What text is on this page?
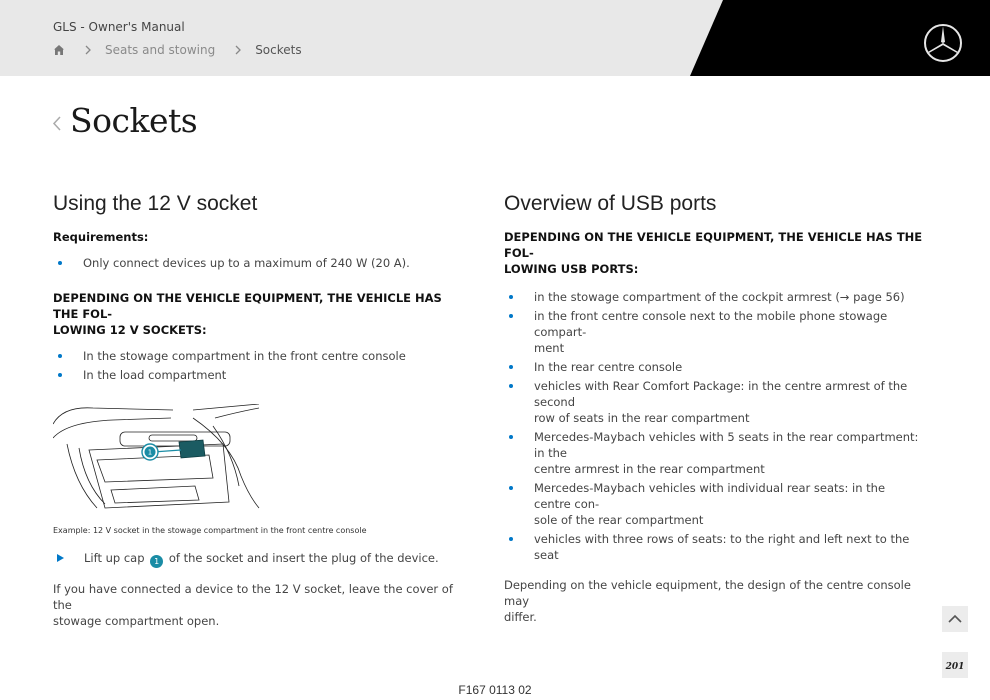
GLS - Owner's Manual
Seats and stowing	Sockets
Sockets
Using the 12 V socket
Requirements:
Only connect devices up to a maximum of 240 W (20 A).
DEPENDING ON THE VEHICLE EQUIPMENT, THE VEHICLE HAS THE FOL-
LOWING 12 V SOCKETS:
In the stowage compartment in the front centre console
In the load compartment
1
Example: 12 V socket in the stowage compartment in the front centre console
Lift up cap 1 of the socket and insert the plug of the device.
If you have connected a device to the 12 V socket, leave the cover of the
stowage compartment open.
Overview of USB ports
DEPENDING ON THE VEHICLE EQUIPMENT, THE VEHICLE HAS THE FOL-
LOWING USB PORTS:
in the stowage compartment of the cockpit armrest (→ page 56)
in the front centre console next to the mobile phone stowage compart-
ment
In the rear centre console
vehicles with Rear Comfort Package: in the centre armrest of the second
row of seats in the rear compartment
Mercedes-Maybach vehicles with 5 seats in the rear compartment: in the
centre armrest in the rear compartment
Mercedes-Maybach vehicles with individual rear seats: in the centre con-
sole of the rear compartment
vehicles with three rows of seats: to the right and left next to the seat
Depending on the vehicle equipment, the design of the centre console may
differ.
201
F167 0113 02
